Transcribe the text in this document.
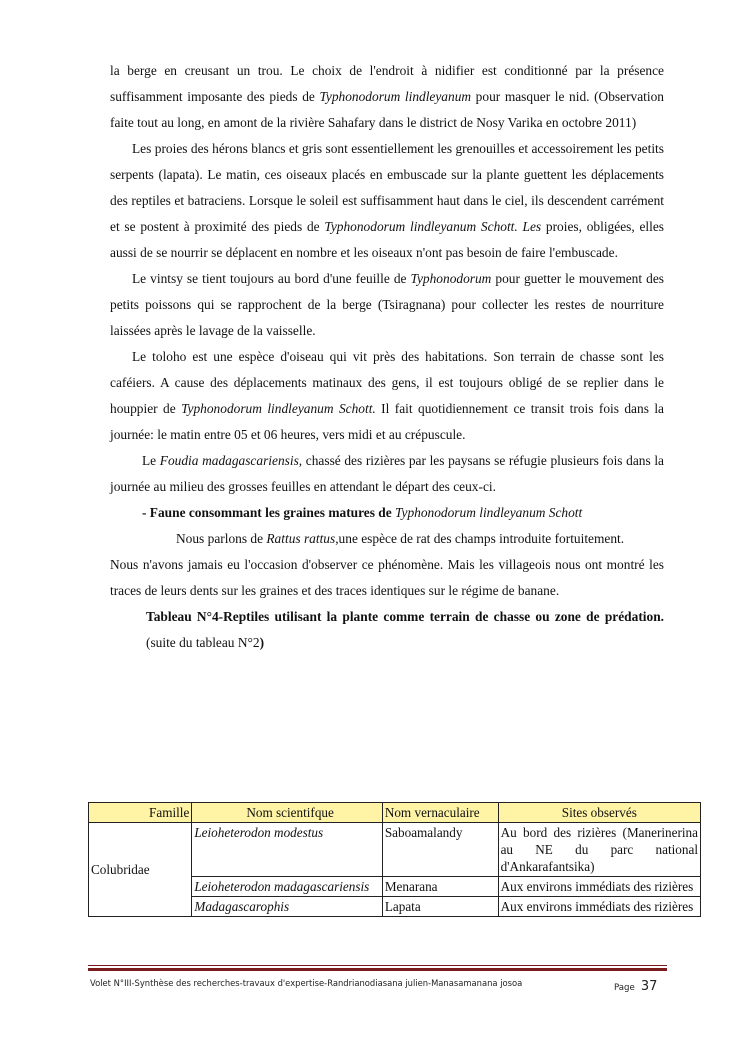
la berge en creusant un trou. Le choix de l'endroit à nidifier est conditionné par la présence suffisamment imposante des pieds de Typhonodorum lindleyanum pour masquer le nid. (Observation faite tout au long, en amont de la rivière Sahafary dans le district de Nosy Varika en octobre 2011)

Les proies des hérons blancs et gris sont essentiellement les grenouilles et accessoirement les petits serpents (lapata). Le matin, ces oiseaux placés en embuscade sur la plante guettent les déplacements des reptiles et batraciens. Lorsque le soleil est suffisamment haut dans le ciel, ils descendent carrément et se postent à proximité des pieds de Typhonodorum lindleyanum Schott. Les proies, obligées, elles aussi de se nourrir se déplacent en nombre et les oiseaux n'ont pas besoin de faire l'embuscade.

Le vintsy se tient toujours au bord d'une feuille de Typhonodorum pour guetter le mouvement des petits poissons qui se rapprochent de la berge (Tsiragnana) pour collecter les restes de nourriture laissées après le lavage de la vaisselle.

Le toloho est une espèce d'oiseau qui vit près des habitations. Son terrain de chasse sont les caféiers. A cause des déplacements matinaux des gens, il est toujours obligé de se replier dans le houppier de Typhonodorum lindleyanum Schott. Il fait quotidiennement ce transit trois fois dans la journée: le matin entre 05 et 06 heures, vers midi et au crépuscule.

Le Foudia madagascariensis, chassé des rizières par les paysans se réfugie plusieurs fois dans la journée au milieu des grosses feuilles en attendant le départ des ceux-ci.

- Faune consommant les graines matures de Typhonodorum lindleyanum Schott

Nous parlons de Rattus rattus,une espèce de rat des champs introduite fortuitement.

Nous n'avons jamais eu l'occasion d'observer ce phénomène. Mais les villageois nous ont montré les traces de leurs dents sur les graines et des traces identiques sur le régime de banane.

Tableau N°4-Reptiles utilisant la plante comme terrain de chasse ou zone de prédation.(suite du tableau N°2)

Famille	Nom scientifque	Nom vernaculaire	Sites observés
Colubridae	Leioheterodon modestus	Saboamalandy	Au bord des rizières (Manerinerina au NE du parc national d'Ankarafantsika)
	Leioheterodon madagascariensis	Menarana	Aux environs immédiats des rizières
	Madagascarophis	Lapata	Aux environs immédiats des rizières
Volet N°III-Synthèse des recherches-travaux d'expertise-Randrianodiasana julien-Manasamanana josoa	Page 37
